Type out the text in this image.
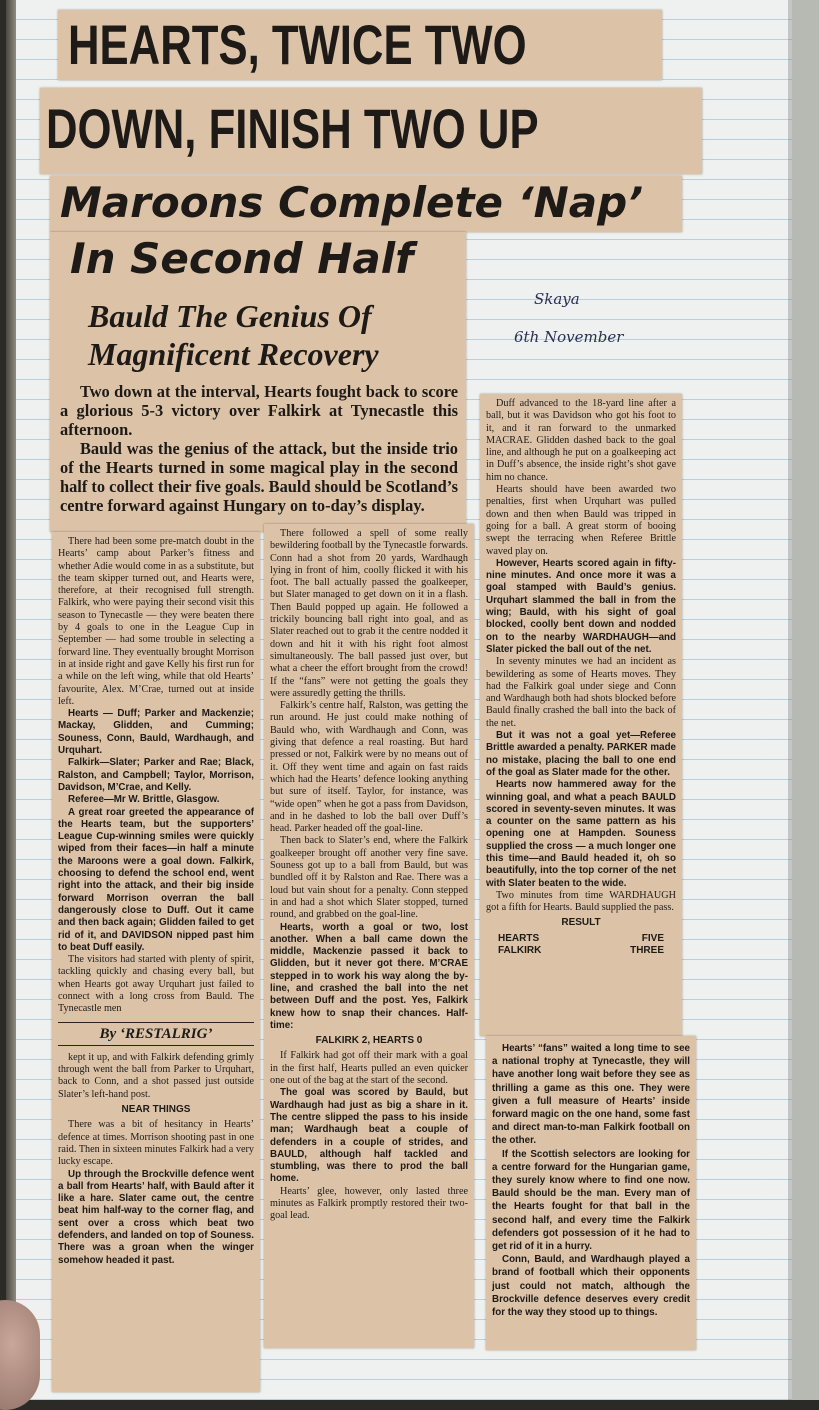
HEARTS, TWICE TWO
DOWN, FINISH TWO UP
Maroons Complete ‘Nap’
In Second Half
Bauld The Genius Of
Magnificent Recovery

Two down at the interval, Hearts fought back to score a glorious 5-3 victory over Falkirk at Tynecastle this afternoon.

Bauld was the genius of the attack, but the inside trio of the Hearts turned in some magical play in the second half to collect their five goals. Bauld should be Scotland’s centre forward against Hungary on to-day’s display.

Skaya
6th November

There had been some pre-match doubt in the Hearts’ camp about Parker’s fitness and whether Adie would come in as a substitute, but the team skipper turned out, and Hearts were, therefore, at their recognised full strength. Falkirk, who were paying their second visit this season to Tynecastle — they were beaten there by 4 goals to one in the League Cup in September — had some trouble in selecting a forward line. They eventually brought Morrison in at inside right and gave Kelly his first run for a while on the left wing, while that old Hearts’ favourite, Alex. M’Crae, turned out at inside left.

Hearts — Duff; Parker and Mackenzie; Mackay, Glidden, and Cumming; Souness, Conn, Bauld, Wardhaugh, and Urquhart.

Falkirk—Slater; Parker and Rae; Black, Ralston, and Campbell; Taylor, Morrison, Davidson, M’Crae, and Kelly.

Referee—Mr W. Brittle, Glasgow.

A great roar greeted the appearance of the Hearts team, but the supporters’ League Cup-winning smiles were quickly wiped from their faces—in half a minute the Maroons were a goal down. Falkirk, choosing to defend the school end, went right into the attack, and their big inside forward Morrison overran the ball dangerously close to Duff. Out it came and then back again; Glidden failed to get rid of it, and DAVIDSON nipped past him to beat Duff easily.

The visitors had started with plenty of spirit, tackling quickly and chasing every ball, but when Hearts got away Urquhart just failed to connect with a long cross from Bauld. The Tynecastle men

By ‘RESTALRIG’

kept it up, and with Falkirk defending grimly through went the ball from Parker to Urquhart, back to Conn, and a shot passed just outside Slater’s left-hand post.

NEAR THINGS

There was a bit of hesitancy in Hearts’ defence at times. Morrison shooting past in one raid. Then in sixteen minutes Falkirk had a very lucky escape.

Up through the Brockville defence went a ball from Hearts’ half, with Bauld after it like a hare. Slater came out, the centre beat him half-way to the corner flag, and sent over a cross which beat two defenders, and landed on top of Souness. There was a groan when the winger somehow headed it past.

There followed a spell of some really bewildering football by the Tynecastle forwards. Conn had a shot from 20 yards, Wardhaugh lying in front of him, coolly flicked it with his foot. The ball actually passed the goalkeeper, but Slater managed to get down on it in a flash. Then Bauld popped up again. He followed a trickily bouncing ball right into goal, and as Slater reached out to grab it the centre nodded it down and hit it with his right foot almost simultaneously. The ball passed just over, but what a cheer the effort brought from the crowd! If the “fans” were not getting the goals they were assuredly getting the thrills.

Falkirk’s centre half, Ralston, was getting the run around. He just could make nothing of Bauld who, with Wardhaugh and Conn, was giving that defence a real roasting. But hard pressed or not, Falkirk were by no means out of it. Off they went time and again on fast raids which had the Hearts’ defence looking anything but sure of itself. Taylor, for instance, was “wide open” when he got a pass from Davidson, and in he dashed to lob the ball over Duff’s head. Parker headed off the goal-line.

Then back to Slater’s end, where the Falkirk goalkeeper brought off another very fine save. Souness got up to a ball from Bauld, but was bundled off it by Ralston and Rae. There was a loud but vain shout for a penalty. Conn stepped in and had a shot which Slater stopped, turned round, and grabbed on the goal-line.

Hearts, worth a goal or two, lost another. When a ball came down the middle, Mackenzie passed it back to Glidden, but it never got there. M’CRAE stepped in to work his way along the by-line, and crashed the ball into the net between Duff and the post. Yes, Falkirk knew how to snap their chances. Half-time:

FALKIRK 2, HEARTS 0

If Falkirk had got off their mark with a goal in the first half, Hearts pulled an even quicker one out of the bag at the start of the second.

The goal was scored by Bauld, but Wardhaugh had just as big a share in it. The centre slipped the pass to his inside man; Wardhaugh beat a couple of defenders in a couple of strides, and BAULD, although half tackled and stumbling, was there to prod the ball home.

Hearts’ glee, however, only lasted three minutes as Falkirk promptly restored their two-goal lead.

Duff advanced to the 18-yard line after a ball, but it was Davidson who got his foot to it, and it ran forward to the unmarked MACRAE. Glidden dashed back to the goal line, and although he put on a goalkeeping act in Duff’s absence, the inside right’s shot gave him no chance.

Hearts should have been awarded two penalties, first when Urquhart was pulled down and then when Bauld was tripped in going for a ball. A great storm of booing swept the terracing when Referee Brittle waved play on.

However, Hearts scored again in fifty-nine minutes. And once more it was a goal stamped with Bauld’s genius. Urquhart slammed the ball in from the wing; Bauld, with his sight of goal blocked, coolly bent down and nodded on to the nearby WARDHAUGH—and Slater picked the ball out of the net.

In seventy minutes we had an incident as bewildering as some of Hearts moves. They had the Falkirk goal under siege and Conn and Wardhaugh both had shots blocked before Bauld finally crashed the ball into the back of the net.

But it was not a goal yet—Referee Brittle awarded a penalty. PARKER made no mistake, placing the ball to one end of the goal as Slater made for the other.

Hearts now hammered away for the winning goal, and what a peach BAULD scored in seventy-seven minutes. It was a counter on the same pattern as his opening one at Hampden. Souness supplied the cross — a much longer one this time—and Bauld headed it, oh so beautifully, into the top corner of the net with Slater beaten to the wide.

Two minutes from time WARDHAUGH got a fifth for Hearts. Bauld supplied the pass.

RESULT
HEARTS	FIVE
FALKIRK	THREE

Hearts’ “fans” waited a long time to see a national trophy at Tynecastle, they will have another long wait before they see as thrilling a game as this one. They were given a full measure of Hearts’ inside forward magic on the one hand, some fast and direct man-to-man Falkirk football on the other.

If the Scottish selectors are looking for a centre forward for the Hungarian game, they surely know where to find one now. Bauld should be the man. Every man of the Hearts fought for that ball in the second half, and every time the Falkirk defenders got possession of it he had to get rid of it in a hurry.

Conn, Bauld, and Wardhaugh played a brand of football which their opponents just could not match, although the Brockville defence deserves every credit for the way they stood up to things.
